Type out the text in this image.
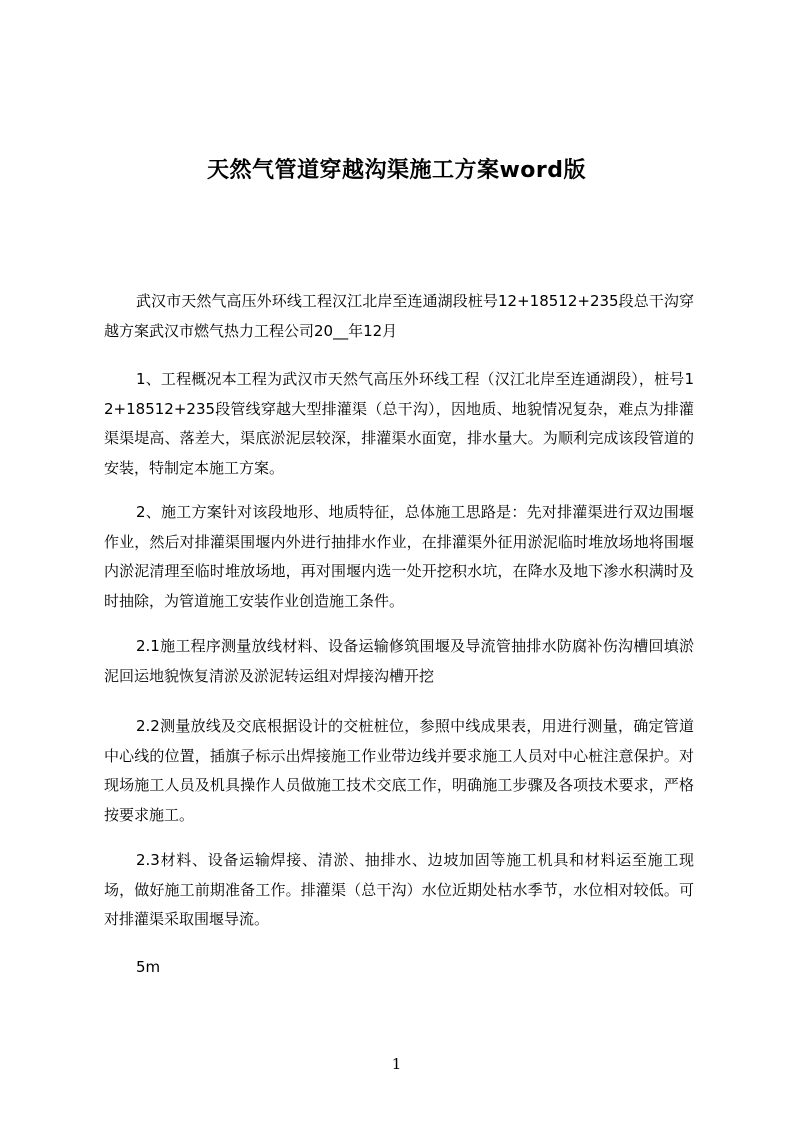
天然气管道穿越沟渠施工方案word版

武汉市天然气高压外环线工程汉江北岸至连通湖段桩号12+18512+235段总干沟穿越方案武汉市燃气热力工程公司20__年12月

1、工程概况本工程为武汉市天然气高压外环线工程（汉江北岸至连通湖段），桩号12+18512+235段管线穿越大型排灌渠（总干沟），因地质、地貌情况复杂，难点为排灌渠渠堤高、落差大，渠底淤泥层较深，排灌渠水面宽，排水量大。为顺利完成该段管道的安装，特制定本施工方案。

2、施工方案针对该段地形、地质特征，总体施工思路是：先对排灌渠进行双边围堰作业，然后对排灌渠围堰内外进行抽排水作业，在排灌渠外征用淤泥临时堆放场地将围堰内淤泥清理至临时堆放场地，再对围堰内选一处开挖积水坑，在降水及地下渗水积满时及时抽除，为管道施工安装作业创造施工条件。

2.1施工程序测量放线材料、设备运输修筑围堰及导流管抽排水防腐补伤沟槽回填淤泥回运地貌恢复清淤及淤泥转运组对焊接沟槽开挖

2.2测量放线及交底根据设计的交桩桩位，参照中线成果表，用进行测量，确定管道中心线的位置，插旗子标示出焊接施工作业带边线并要求施工人员对中心桩注意保护。对现场施工人员及机具操作人员做施工技术交底工作，明确施工步骤及各项技术要求，严格按要求施工。

2.3材料、设备运输焊接、清淤、抽排水、边坡加固等施工机具和材料运至施工现场，做好施工前期准备工作。排灌渠（总干沟）水位近期处枯水季节，水位相对较低。可对排灌渠采取围堰导流。

5m

1
